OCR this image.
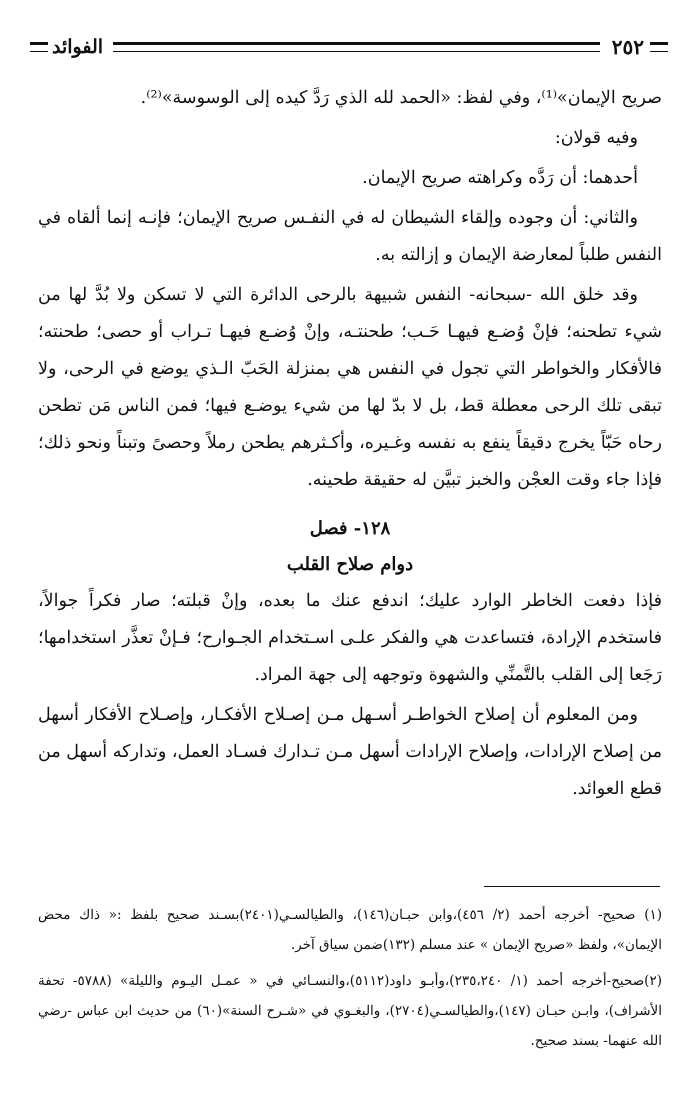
٢٥٢
الفوائد

صريح الإيمان»⁽¹⁾، وفي لفظ: «الحمد لله الذي رَدَّ كيده إلى الوسوسة»⁽²⁾.

وفيه قولان:

أحدهما: أن رَدَّه وكراهته صريح الإيمان.

والثاني: أن وجوده وإلقاء الشيطان له في النفـس صريح الإيمان؛ فإنـه إنما ألقاه في النفس طلباً لمعارضة الإيمان و إزالته به.

وقد خلق الله -سبحانه- النفس شبيهة بالرحى الدائرة التي لا تسكن ولا بُدَّ لها من شيء تطحنه؛ فإنْ وُضـع فيهـا حَـب؛ طحنتـه، وإنْ وُضـع فيهـا تـراب أو حصى؛ طحنته؛ فالأفكار والخواطر التي تجول في النفس هي بمنزلة الحَبّ الـذي يوضع في الرحى، ولا تبقى تلك الرحى معطلة قط، بل لا بدّ لها من شيء يوضـع فيها؛ فمن الناس مَن تطحن رحاه حَبّاً يخرج دقيقاً ينفع به نفسه وغـيره، وأكـثرهم يطحن رملاً وحصىً وتبناً ونحو ذلك؛ فإذا جاء وقت العجْن والخبز تبيَّن له حقيقة طحينه.

١٢٨- فصل

دوام صلاح القلب

فإذا دفعت الخاطر الوارد عليك؛ اندفع عنك ما بعده، وإنْ قبلته؛ صار فكراً جوالاً، فاستخدم الإرادة، فتساعدت هي والفكر علـى اسـتخدام الجـوارح؛ فـإنْ تعذَّر استخدامها؛ رَجَعا إلى القلب بالتَّمنِّي والشهوة وتوجهه إلى جهة المراد.

ومن المعلوم أن إصلاح الخواطـر أسـهل مـن إصـلاح الأفكـار، وإصـلاح الأفكار أسهل من إصلاح الإرادات، وإصلاح الإرادات أسهل مـن تـدارك فسـاد العمل، وتداركه أسهل من قطع العوائد.

(١) صحيح- أخرجه أحمد (٢/ ٤٥٦)،وابن حبـان(١٤٦)، والطيالسـي(٢٤٠١)بسـند صحيح بلفظ :« ذاك محض الإيمان»، ولفظ «صريح الإيمان » عند مسلم (١٣٢)ضمن سياق آخر.

(٢)صحيح-أخرجه أحمد (١/ ٢٣٥،٢٤٠)،وأبـو داود(٥١١٢)،والنسـائي في « عمـل اليـوم والليلة» (٥٧٨٨- تحفة الأشراف)، وابـن حبـان (١٤٧)،والطيالسـي(٢٧٠٤)، والبغـوي في «شـرح السنة»(٦٠) من حديث ابن عباس -رضي الله عنهما- بسند صحيح.
